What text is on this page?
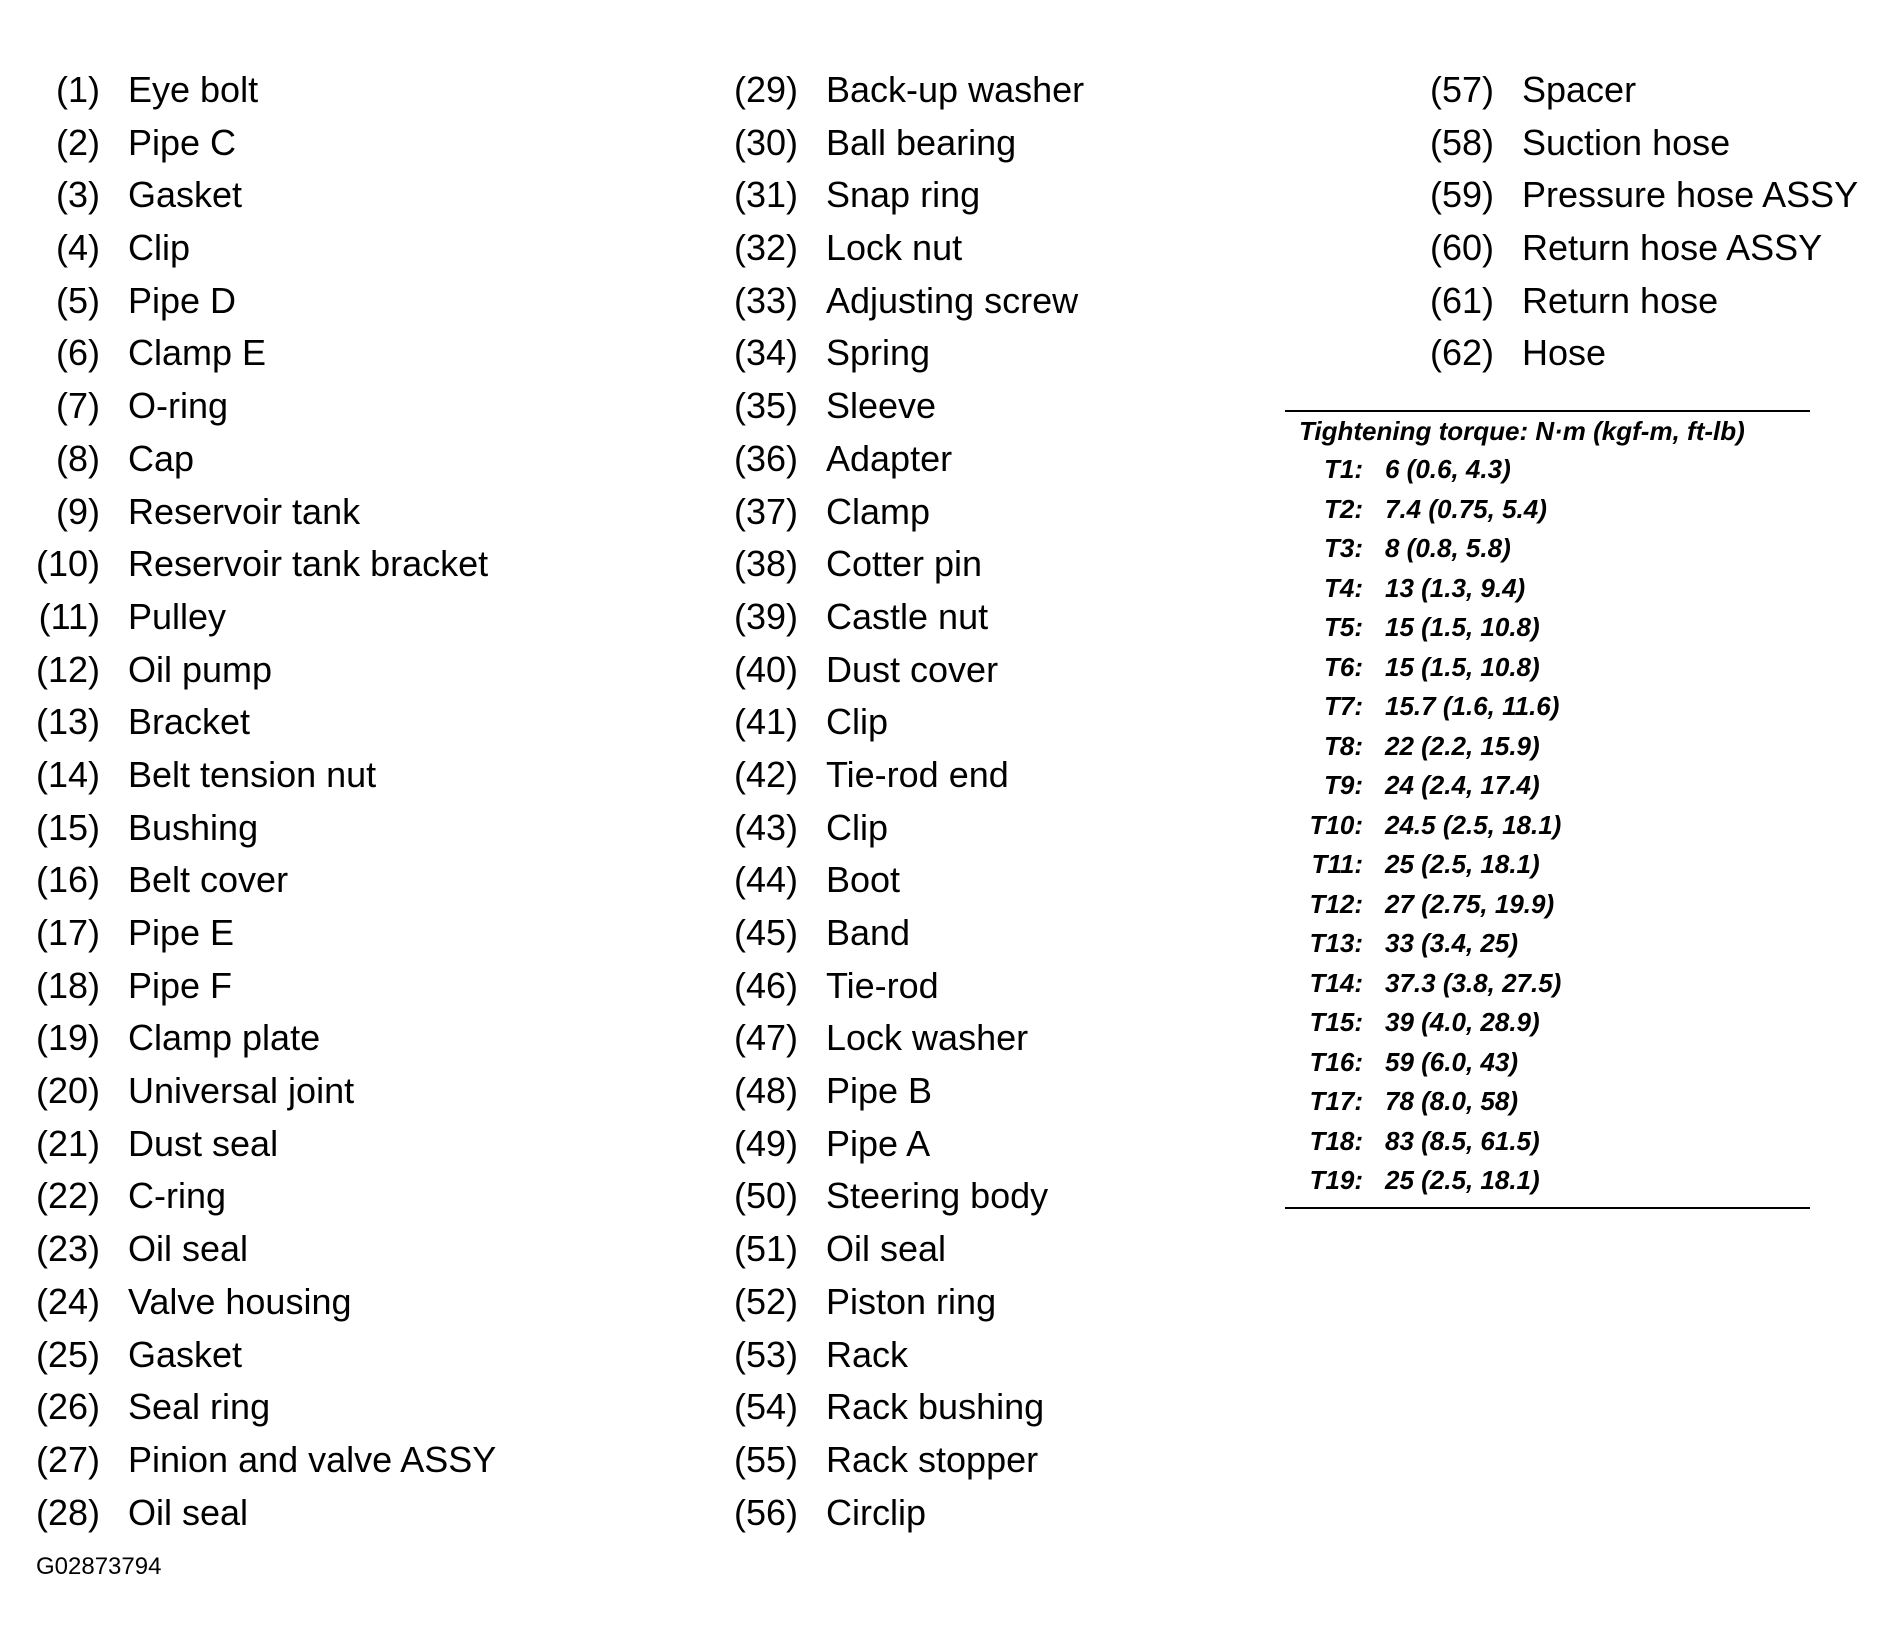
(1) Eye bolt
(2) Pipe C
(3) Gasket
(4) Clip
(5) Pipe D
(6) Clamp E
(7) O-ring
(8) Cap
(9) Reservoir tank
(10) Reservoir tank bracket
(11) Pulley
(12) Oil pump
(13) Bracket
(14) Belt tension nut
(15) Bushing
(16) Belt cover
(17) Pipe E
(18) Pipe F
(19) Clamp plate
(20) Universal joint
(21) Dust seal
(22) C-ring
(23) Oil seal
(24) Valve housing
(25) Gasket
(26) Seal ring
(27) Pinion and valve ASSY
(28) Oil seal
(29) Back-up washer
(30) Ball bearing
(31) Snap ring
(32) Lock nut
(33) Adjusting screw
(34) Spring
(35) Sleeve
(36) Adapter
(37) Clamp
(38) Cotter pin
(39) Castle nut
(40) Dust cover
(41) Clip
(42) Tie-rod end
(43) Clip
(44) Boot
(45) Band
(46) Tie-rod
(47) Lock washer
(48) Pipe B
(49) Pipe A
(50) Steering body
(51) Oil seal
(52) Piston ring
(53) Rack
(54) Rack bushing
(55) Rack stopper
(56) Circlip
(57) Spacer
(58) Suction hose
(59) Pressure hose ASSY
(60) Return hose ASSY
(61) Return hose
(62) Hose
Tightening torque: N·m (kgf-m, ft-lb)
T1: 6 (0.6, 4.3)
T2: 7.4 (0.75, 5.4)
T3: 8 (0.8, 5.8)
T4: 13 (1.3, 9.4)
T5: 15 (1.5, 10.8)
T6: 15 (1.5, 10.8)
T7: 15.7 (1.6, 11.6)
T8: 22 (2.2, 15.9)
T9: 24 (2.4, 17.4)
T10: 24.5 (2.5, 18.1)
T11: 25 (2.5, 18.1)
T12: 27 (2.75, 19.9)
T13: 33 (3.4, 25)
T14: 37.3 (3.8, 27.5)
T15: 39 (4.0, 28.9)
T16: 59 (6.0, 43)
T17: 78 (8.0, 58)
T18: 83 (8.5, 61.5)
T19: 25 (2.5, 18.1)
G02873794
